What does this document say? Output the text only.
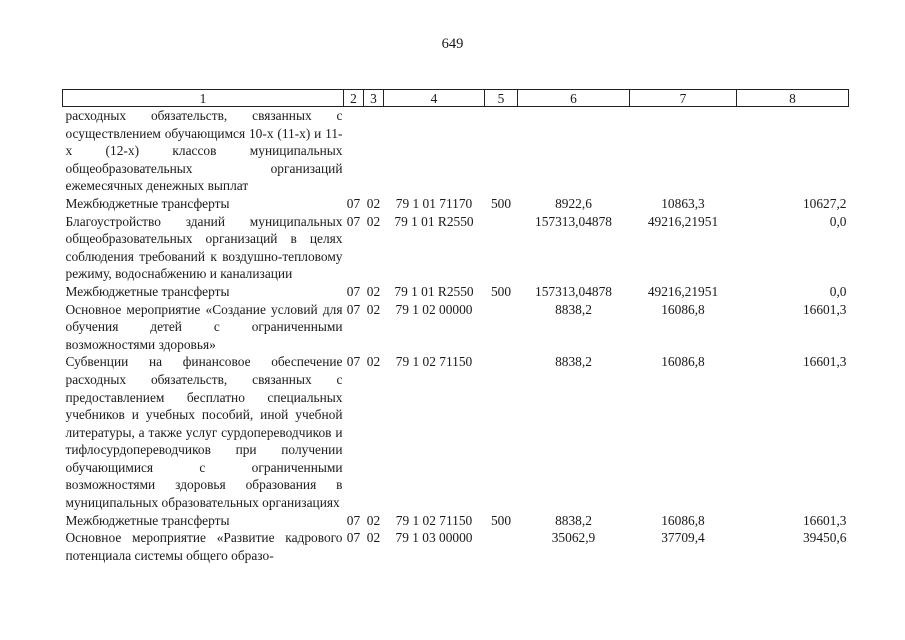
649
1	2	3	4	5	6	7	8
расходных обязательств, связанных с осуществлением обучающимся 10-х (11-х) и 11-х (12-х) классов муниципальных общеобразовательных организаций ежемесячных денежных выплат							
Межбюджетные трансферты	07	02	79 1 01 71170	500	8922,6	10863,3	10627,2
Благоустройство зданий муниципальных общеобразовательных организаций в целях соблюдения требований к воздушно-тепловому режиму, водоснабжению и канализации	07	02	79 1 01 R2550		157313,04878	49216,21951	0,0
Межбюджетные трансферты	07	02	79 1 01 R2550	500	157313,04878	49216,21951	0,0
Основное мероприятие «Создание условий для обучения детей с ограниченными возможностями здоровья»	07	02	79 1 02 00000		8838,2	16086,8	16601,3
Субвенции на финансовое обеспечение расходных обязательств, связанных с предоставлением бесплатно специальных учебников и учебных пособий, иной учебной литературы, а также услуг сурдопереводчиков и тифлосурдопереводчиков при получении обучающимися с ограниченными возможностями здоровья образования в муниципальных образовательных организациях	07	02	79 1 02 71150		8838,2	16086,8	16601,3
Межбюджетные трансферты	07	02	79 1 02 71150	500	8838,2	16086,8	16601,3
Основное мероприятие «Развитие кадрового потенциала системы общего образо-	07	02	79 1 03 00000		35062,9	37709,4	39450,6
